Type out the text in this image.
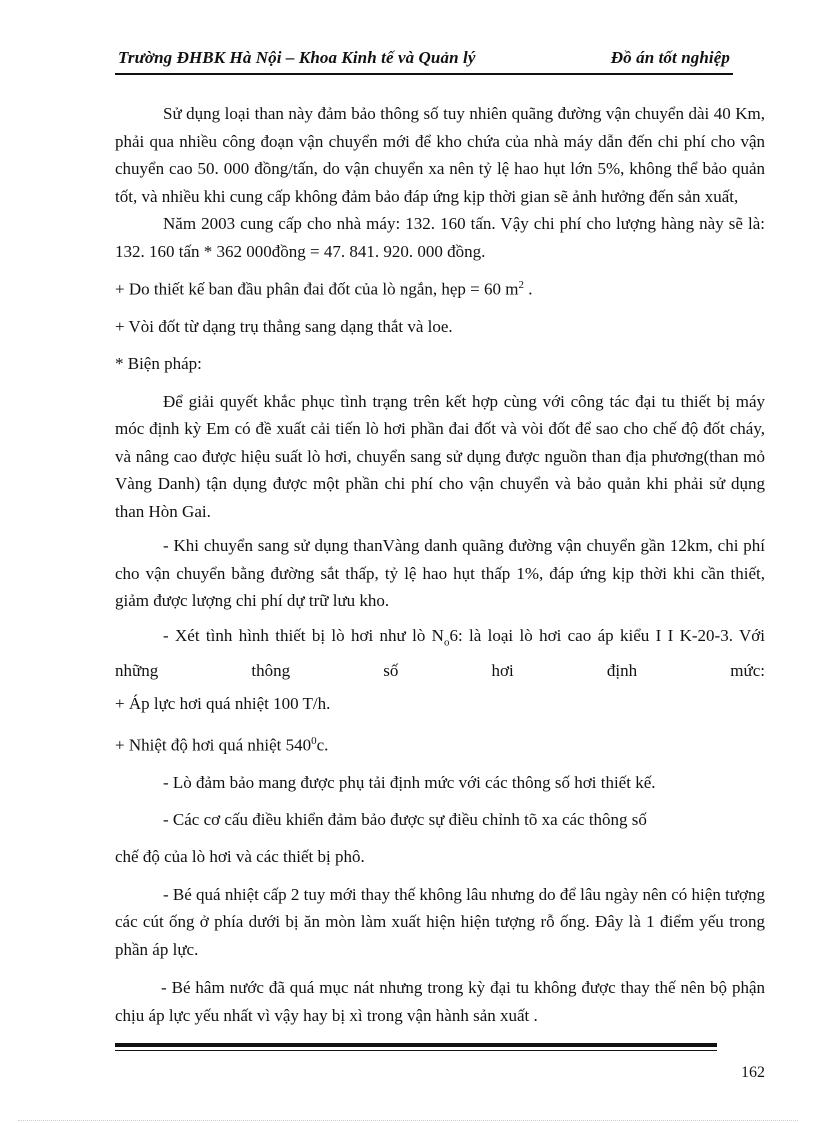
Trường ĐHBK Hà Nội – Khoa Kinh tế và Quản lý	Đồ án tốt nghiệp

Sử dụng loại than này đảm bảo thông số tuy nhiên quãng đường vận chuyển dài 40 Km, phải qua nhiều công đoạn vận chuyển mới để kho chứa của nhà máy dẫn đến chi phí cho vận chuyển cao 50. 000 đồng/tấn, do vận chuyển xa nên tỷ lệ hao hụt lớn 5%, không thể bảo quản tốt, và nhiều khi cung cấp không đảm bảo đáp ứng kịp thời gian sẽ ảnh hưởng đến sản xuất,

Năm 2003 cung cấp cho nhà máy: 132. 160 tấn. Vậy chi phí cho lượng hàng này sẽ là: 132. 160 tấn * 362 000đồng = 47. 841. 920. 000 đồng.

+ Do thiết kế ban đầu phân đai đốt của lò ngắn, hẹp = 60 $m^2$ .

+ Vòi đốt từ dạng trụ thẳng sang dạng thắt và loe.

* Biện pháp:

Để giải quyết khắc phục tình trạng trên kết hợp cùng với công tác đại tu thiết bị máy móc định kỳ Em có đề xuất cải tiến lò hơi phần đai đốt và vòi đốt để sao cho chế độ đốt cháy, và nâng cao được hiệu suất lò hơi, chuyển sang sử dụng được nguồn than địa phương(than mỏ Vàng Danh) tận dụng được một phần chi phí cho vận chuyển và bảo quản khi phải sử dụng than Hòn Gai.

- Khi chuyển sang sử dụng thanVàng danh quãng đường vận chuyển gần 12km, chi phí cho vận chuyển bằng đường sắt thấp, tỷ lệ hao hụt thấp 1%, đáp ứng kịp thời khi cần thiết, giảm được lượng chi phí dự trữ lưu kho.

- Xét tình hình thiết bị lò hơi như lò $N_o6$: là loại lò hơi cao áp kiểu I I K-20-3. Với những thông số hơi định mức:

+ Áp lực hơi quá nhiệt 100 T/h.

+ Nhiệt độ hơi quá nhiệt $540^0c$.

- Lò đảm bảo mang được phụ tải định mức với các thông số hơi thiết kế.

- Các cơ cấu điều khiển đảm bảo được sự điều chỉnh tõ xa các thông số

chế độ của lò hơi và các thiết bị phô.

- Bé quá nhiệt cấp 2 tuy mới thay thế không lâu nhưng do để lâu ngày nên có hiện tượng các cút ống ở phía dưới bị ăn mòn làm xuất hiện hiện tượng rỗ ống. Đây là 1 điểm yếu trong phần áp lực.

- Bé hâm nước đã quá mục nát nhưng trong kỳ đại tu không được thay thế nên bộ phận chịu áp lực yếu nhất vì vậy hay bị xì trong vận hành sản xuất .

162
